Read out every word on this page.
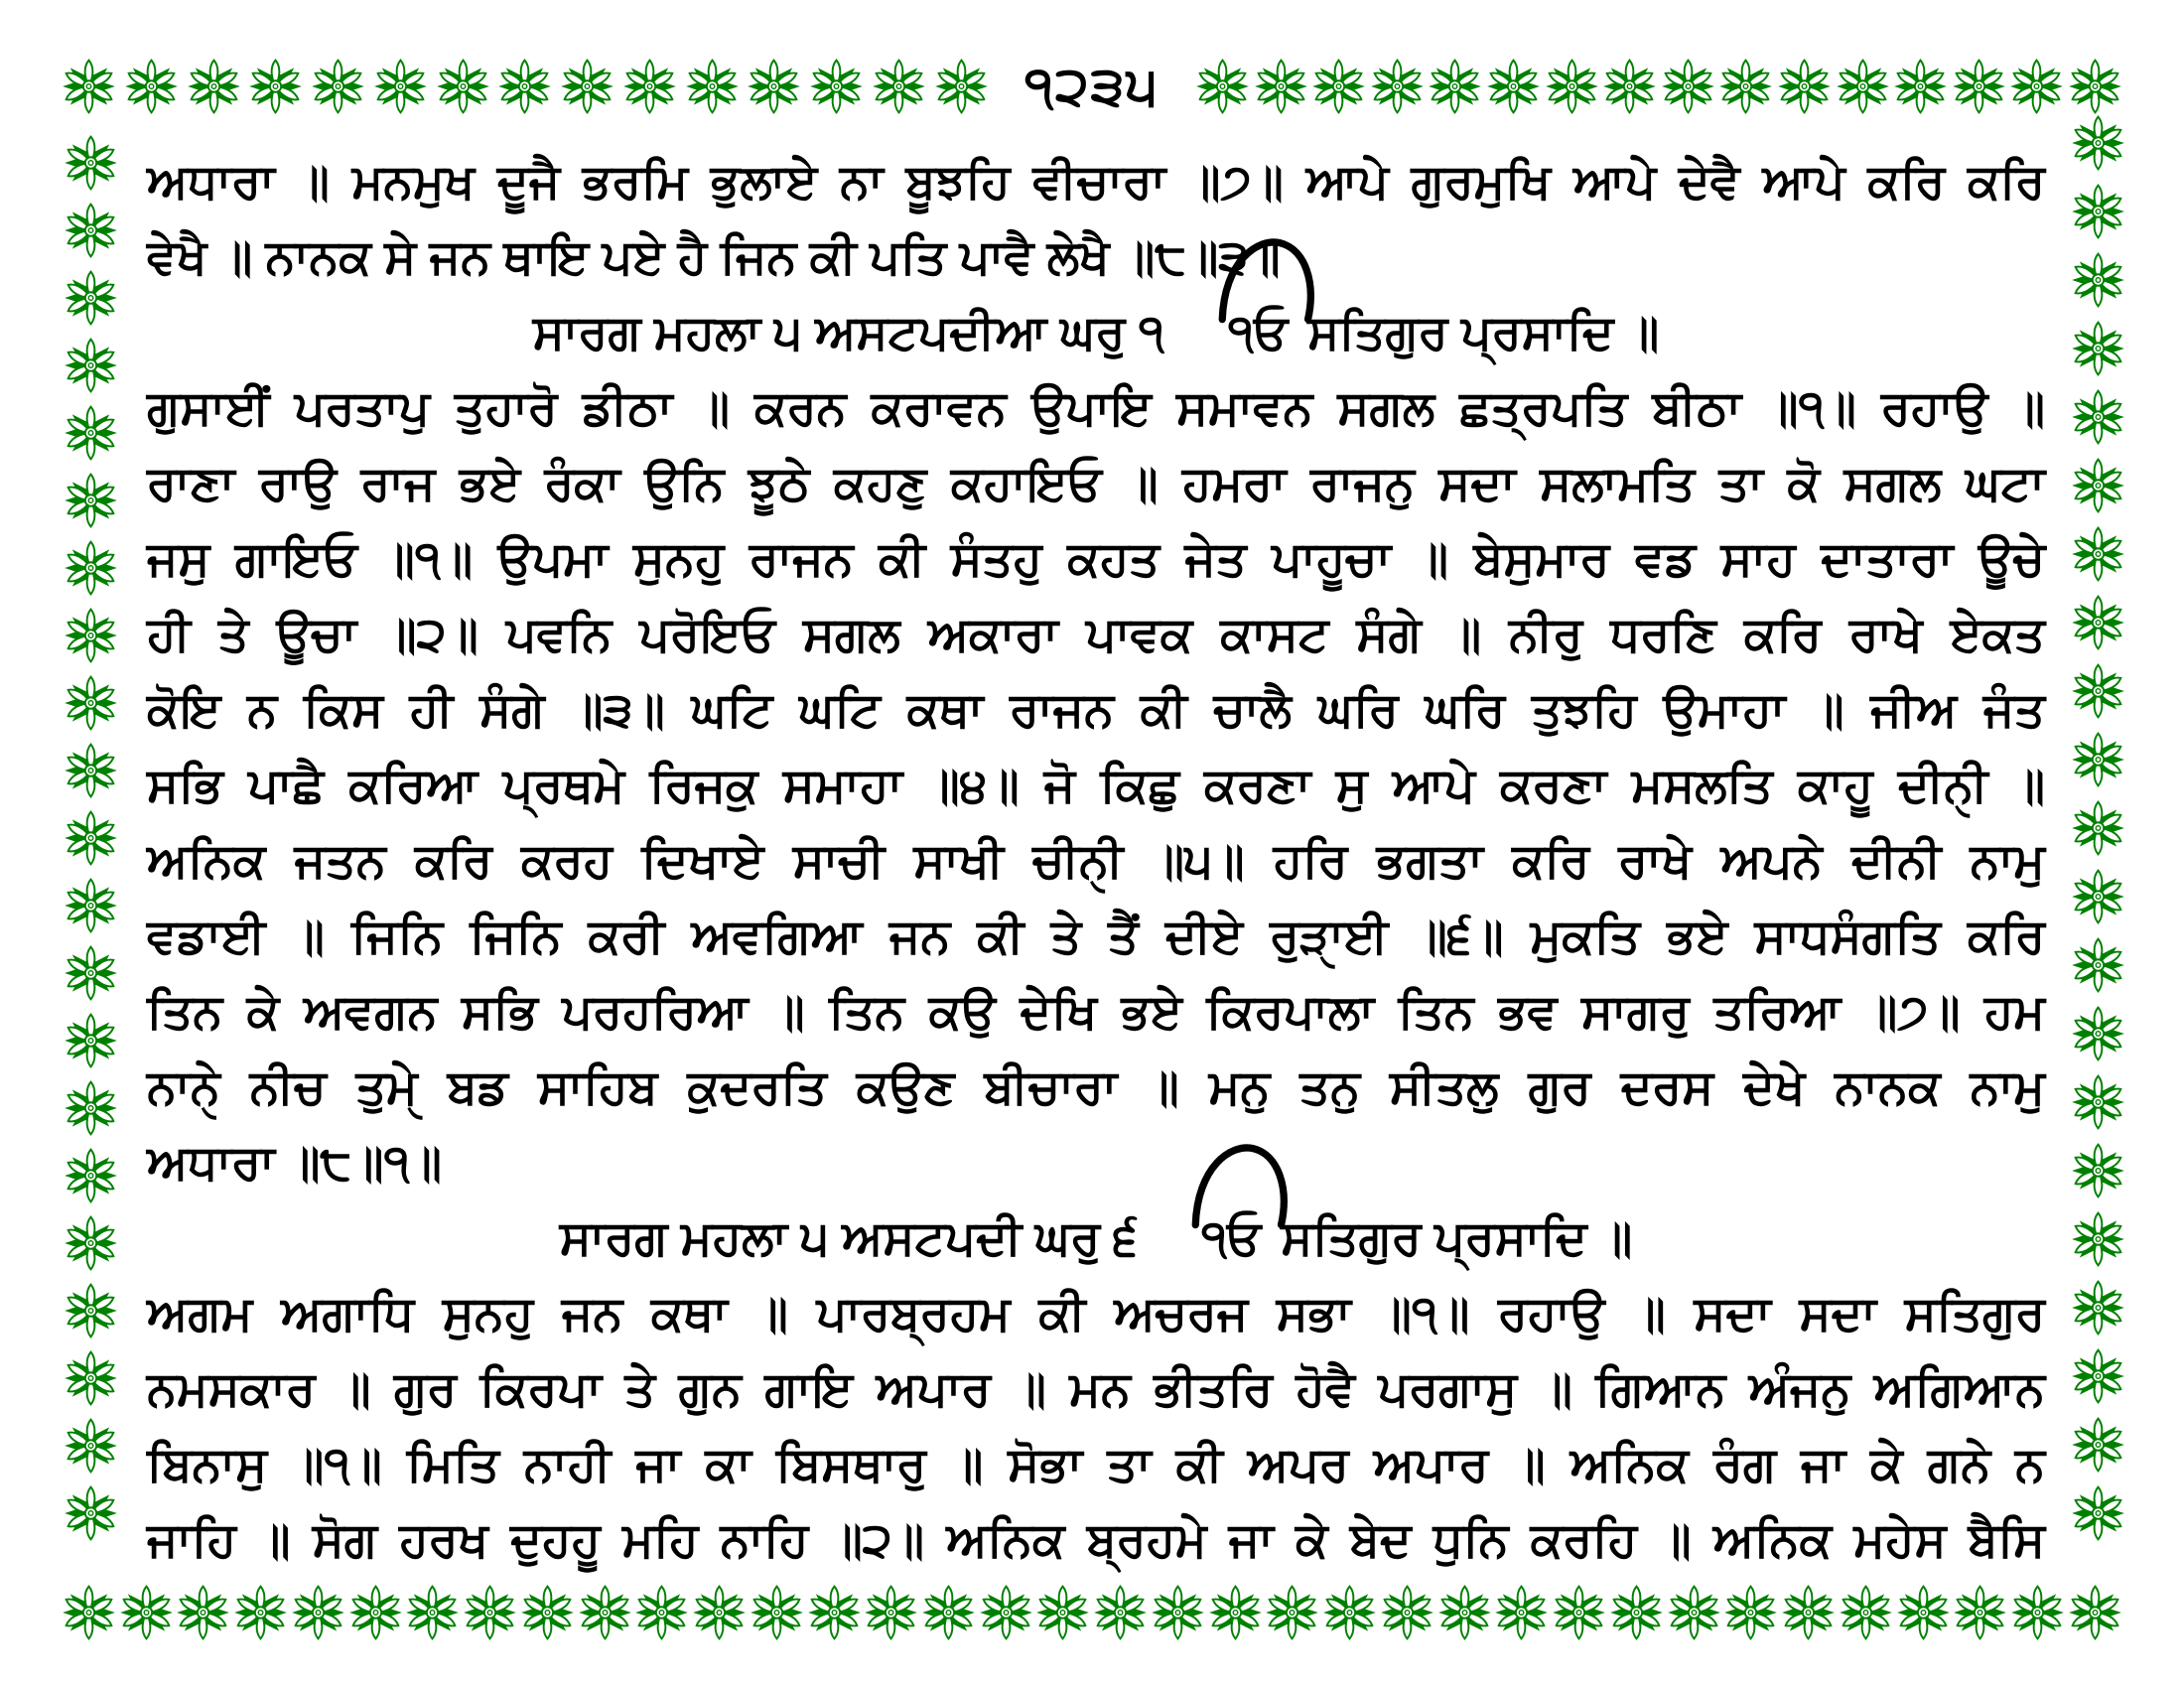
੧੨੩੫
ਅਧਾਰਾ ॥ ਮਨਮੁਖ ਦੂਜੈ ਭਰਮਿ ਭੁਲਾਏ ਨਾ ਬੂਝਹਿ ਵੀਚਾਰਾ ॥੭॥ ਆਪੇ ਗੁਰਮੁਖਿ ਆਪੇ ਦੇਵੈ ਆਪੇ ਕਰਿ ਕਰਿ
ਵੇਖੈ ॥ ਨਾਨਕ ਸੇ ਜਨ ਥਾਇ ਪਏ ਹੈ ਜਿਨ ਕੀ ਪਤਿ ਪਾਵੈ ਲੇਖੈ ॥੮॥੩॥
ਸਾਰਗ ਮਹਲਾ ੫ ਅਸਟਪਦੀਆ ਘਰੁ ੧ ੧ਓ ਸਤਿਗੁਰ ਪ੍ਰਸਾਦਿ ॥
ਗੁਸਾਈਂ ਪਰਤਾਪੁ ਤੁਹਾਰੋ ਡੀਠਾ ॥ ਕਰਨ ਕਰਾਵਨ ਉਪਾਇ ਸਮਾਵਨ ਸਗਲ ਛਤ੍ਰਪਤਿ ਬੀਠਾ ॥੧॥ ਰਹਾਉ ॥
ਰਾਣਾ ਰਾਉ ਰਾਜ ਭਏ ਰੰਕਾ ਉਨਿ ਝੂਠੇ ਕਹਣੁ ਕਹਾਇਓ ॥ ਹਮਰਾ ਰਾਜਨੁ ਸਦਾ ਸਲਾਮਤਿ ਤਾ ਕੋ ਸਗਲ ਘਟਾ
ਜਸੁ ਗਾਇਓ ॥੧॥ ਉਪਮਾ ਸੁਨਹੁ ਰਾਜਨ ਕੀ ਸੰਤਹੁ ਕਹਤ ਜੇਤ ਪਾਹੂਚਾ ॥ ਬੇਸੁਮਾਰ ਵਡ ਸਾਹ ਦਾਤਾਰਾ ਊਚੇ
ਹੀ ਤੇ ਊਚਾ ॥੨॥ ਪਵਨਿ ਪਰੋਇਓ ਸਗਲ ਅਕਾਰਾ ਪਾਵਕ ਕਾਸਟ ਸੰਗੇ ॥ ਨੀਰੁ ਧਰਣਿ ਕਰਿ ਰਾਖੇ ਏਕਤ
ਕੋਇ ਨ ਕਿਸ ਹੀ ਸੰਗੇ ॥੩॥ ਘਟਿ ਘਟਿ ਕਥਾ ਰਾਜਨ ਕੀ ਚਾਲੈ ਘਰਿ ਘਰਿ ਤੁਝਹਿ ਉਮਾਹਾ ॥ ਜੀਅ ਜੰਤ
ਸਭਿ ਪਾਛੈ ਕਰਿਆ ਪ੍ਰਥਮੇ ਰਿਜਕੁ ਸਮਾਹਾ ॥੪॥ ਜੋ ਕਿਛੁ ਕਰਣਾ ਸੁ ਆਪੇ ਕਰਣਾ ਮਸਲਤਿ ਕਾਹੂ ਦੀਨੑੀ ॥
ਅਨਿਕ ਜਤਨ ਕਰਿ ਕਰਹ ਦਿਖਾਏ ਸਾਚੀ ਸਾਖੀ ਚੀਨੑੀ ॥੫॥ ਹਰਿ ਭਗਤਾ ਕਰਿ ਰਾਖੇ ਅਪਨੇ ਦੀਨੀ ਨਾਮੁ
ਵਡਾਈ ॥ ਜਿਨਿ ਜਿਨਿ ਕਰੀ ਅਵਗਿਆ ਜਨ ਕੀ ਤੇ ਤੈਂ ਦੀਏ ਰੁੜੑਾਈ ॥੬॥ ਮੁਕਤਿ ਭਏ ਸਾਧਸੰਗਤਿ ਕਰਿ
ਤਿਨ ਕੇ ਅਵਗਨ ਸਭਿ ਪਰਹਰਿਆ ॥ ਤਿਨ ਕਉ ਦੇਖਿ ਭਏ ਕਿਰਪਾਲਾ ਤਿਨ ਭਵ ਸਾਗਰੁ ਤਰਿਆ ॥੭॥ ਹਮ
ਨਾਨੑੇ ਨੀਚ ਤੁਮੑੇ ਬਡ ਸਾਹਿਬ ਕੁਦਰਤਿ ਕਉਣ ਬੀਚਾਰਾ ॥ ਮਨੁ ਤਨੁ ਸੀਤਲੁ ਗੁਰ ਦਰਸ ਦੇਖੇ ਨਾਨਕ ਨਾਮੁ
ਅਧਾਰਾ ॥੮॥੧॥
ਸਾਰਗ ਮਹਲਾ ੫ ਅਸਟਪਦੀ ਘਰੁ ੬ ੧ਓ ਸਤਿਗੁਰ ਪ੍ਰਸਾਦਿ ॥
ਅਗਮ ਅਗਾਧਿ ਸੁਨਹੁ ਜਨ ਕਥਾ ॥ ਪਾਰਬ੍ਰਹਮ ਕੀ ਅਚਰਜ ਸਭਾ ॥੧॥ ਰਹਾਉ ॥ ਸਦਾ ਸਦਾ ਸਤਿਗੁਰ
ਨਮਸਕਾਰ ॥ ਗੁਰ ਕਿਰਪਾ ਤੇ ਗੁਨ ਗਾਇ ਅਪਾਰ ॥ ਮਨ ਭੀਤਰਿ ਹੋਵੈ ਪਰਗਾਸੁ ॥ ਗਿਆਨ ਅੰਜਨੁ ਅਗਿਆਨ
ਬਿਨਾਸੁ ॥੧॥ ਮਿਤਿ ਨਾਹੀ ਜਾ ਕਾ ਬਿਸਥਾਰੁ ॥ ਸੋਭਾ ਤਾ ਕੀ ਅਪਰ ਅਪਾਰ ॥ ਅਨਿਕ ਰੰਗ ਜਾ ਕੇ ਗਨੇ ਨ
ਜਾਹਿ ॥ ਸੋਗ ਹਰਖ ਦੁਹਹੂ ਮਹਿ ਨਾਹਿ ॥੨॥ ਅਨਿਕ ਬ੍ਰਹਮੇ ਜਾ ਕੇ ਬੇਦ ਧੁਨਿ ਕਰਹਿ ॥ ਅਨਿਕ ਮਹੇਸ ਬੈਸਿ
